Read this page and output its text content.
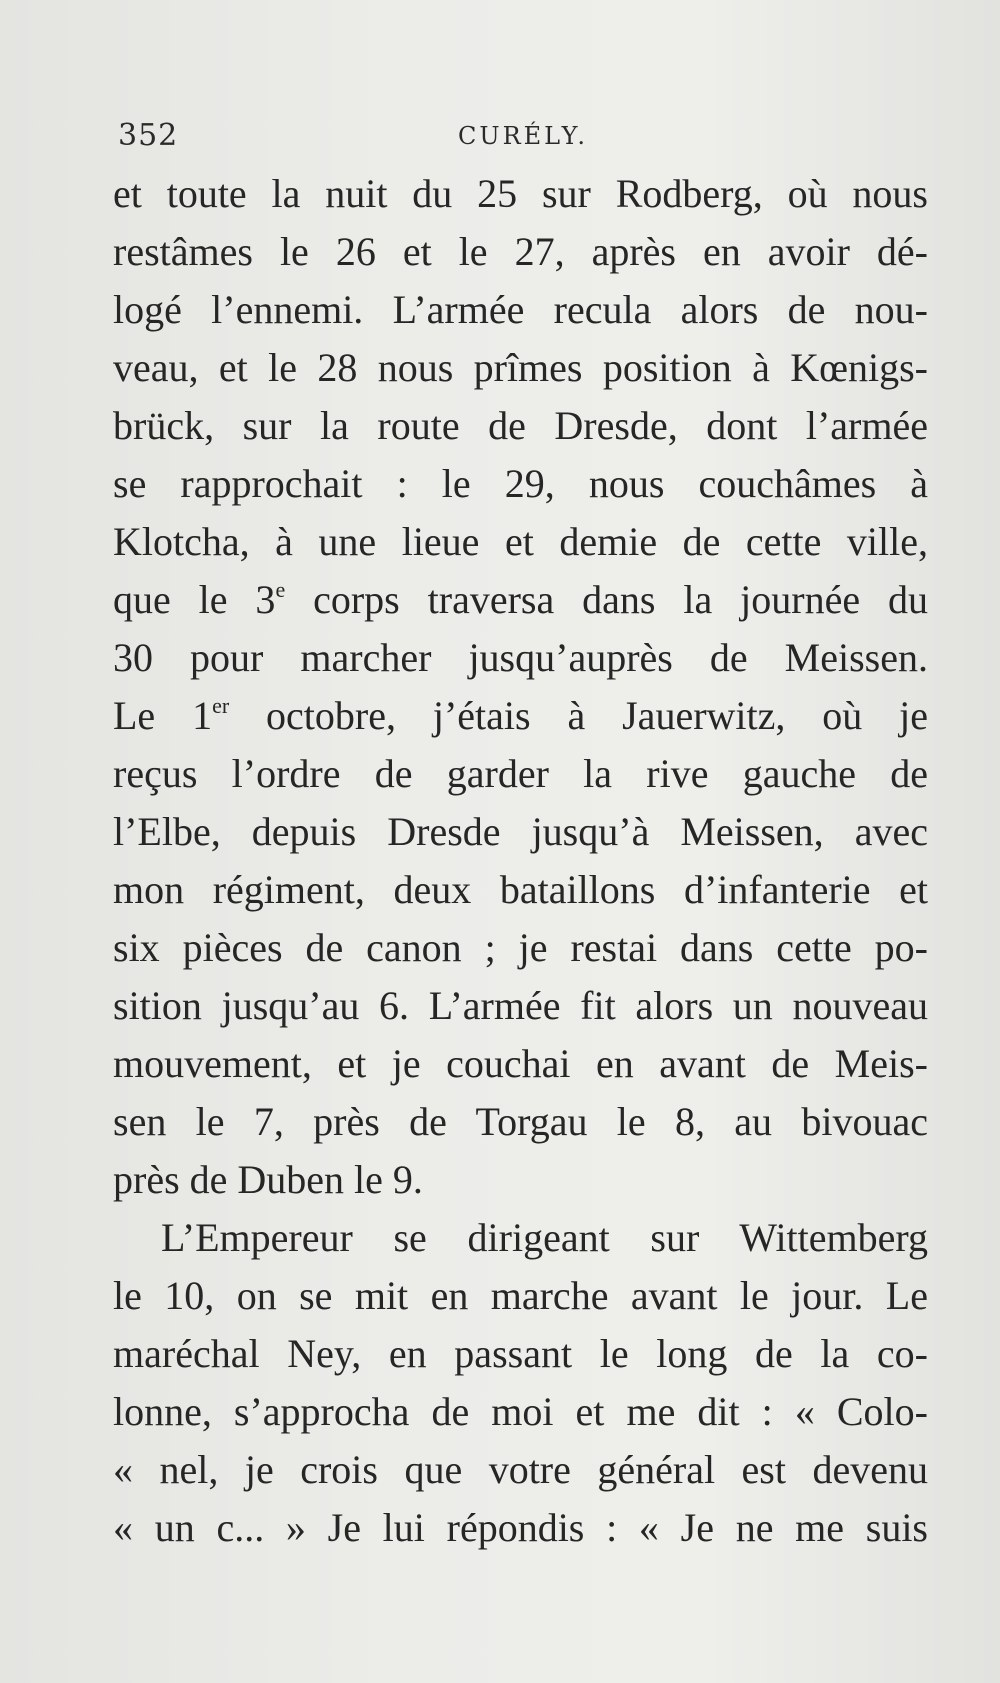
352	CURÉLY.
et toute la nuit du 25 sur Rodberg, où nous
restâmes le 26 et le 27, après en avoir dé-
logé l’ennemi. L’armée recula alors de nou-
veau, et le 28 nous prîmes position à Kœnigs-
brück, sur la route de Dresde, dont l’armée
se rapprochait : le 29, nous couchâmes à
Klotcha, à une lieue et demie de cette ville,
que le 3e corps traversa dans la journée du
30 pour marcher jusqu’auprès de Meissen.
Le 1er octobre, j’étais à Jauerwitz, où je
reçus l’ordre de garder la rive gauche de
l’Elbe, depuis Dresde jusqu’à Meissen, avec
mon régiment, deux bataillons d’infanterie et
six pièces de canon ; je restai dans cette po-
sition jusqu’au 6. L’armée fit alors un nouveau
mouvement, et je couchai en avant de Meis-
sen le 7, près de Torgau le 8, au bivouac
près de Duben le 9.
L’Empereur se dirigeant sur Wittemberg
le 10, on se mit en marche avant le jour. Le
maréchal Ney, en passant le long de la co-
lonne, s’approcha de moi et me dit : « Colo-
« nel, je crois que votre général est devenu
« un c... » Je lui répondis : « Je ne me suis
